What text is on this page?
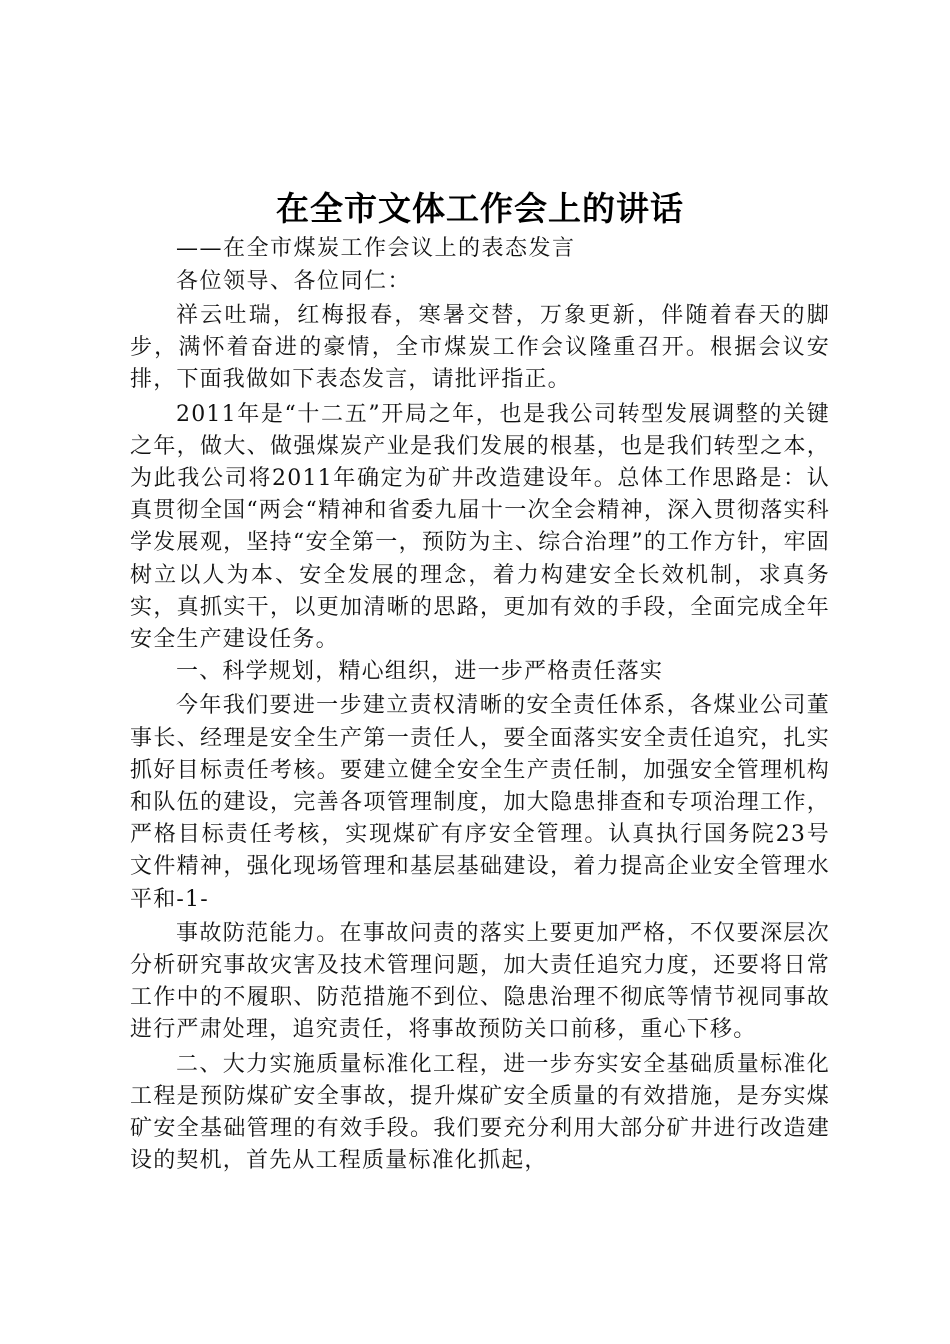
在全市文体工作会上的讲话

——在全市煤炭工作会议上的表态发言

各位领导、各位同仁：

祥云吐瑞，红梅报春，寒暑交替，万象更新，伴随着春天的脚步，满怀着奋进的豪情，全市煤炭工作会议隆重召开。根据会议安排，下面我做如下表态发言，请批评指正。

2011年是“十二五”开局之年，也是我公司转型发展调整的关键之年，做大、做强煤炭产业是我们发展的根基，也是我们转型之本，为此我公司将2011年确定为矿井改造建设年。总体工作思路是：认真贯彻全国“两会“精神和省委九届十一次全会精神，深入贯彻落实科学发展观，坚持“安全第一，预防为主、综合治理”的工作方针，牢固树立以人为本、安全发展的理念，着力构建安全长效机制，求真务实，真抓实干，以更加清晰的思路，更加有效的手段，全面完成全年安全生产建设任务。

一、科学规划，精心组织，进一步严格责任落实

今年我们要进一步建立责权清晰的安全责任体系，各煤业公司董事长、经理是安全生产第一责任人，要全面落实安全责任追究，扎实抓好目标责任考核。要建立健全安全生产责任制，加强安全管理机构和队伍的建设，完善各项管理制度，加大隐患排查和专项治理工作，严格目标责任考核，实现煤矿有序安全管理。认真执行国务院23号文件精神，强化现场管理和基层基础建设，着力提高企业安全管理水平和-1-

事故防范能力。在事故问责的落实上要更加严格，不仅要深层次分析研究事故灾害及技术管理问题，加大责任追究力度，还要将日常工作中的不履职、防范措施不到位、隐患治理不彻底等情节视同事故进行严肃处理，追究责任，将事故预防关口前移，重心下移。

二、大力实施质量标准化工程，进一步夯实安全基础质量标准化工程是预防煤矿安全事故，提升煤矿安全质量的有效措施，是夯实煤矿安全基础管理的有效手段。我们要充分利用大部分矿井进行改造建设的契机，首先从工程质量标准化抓起，
